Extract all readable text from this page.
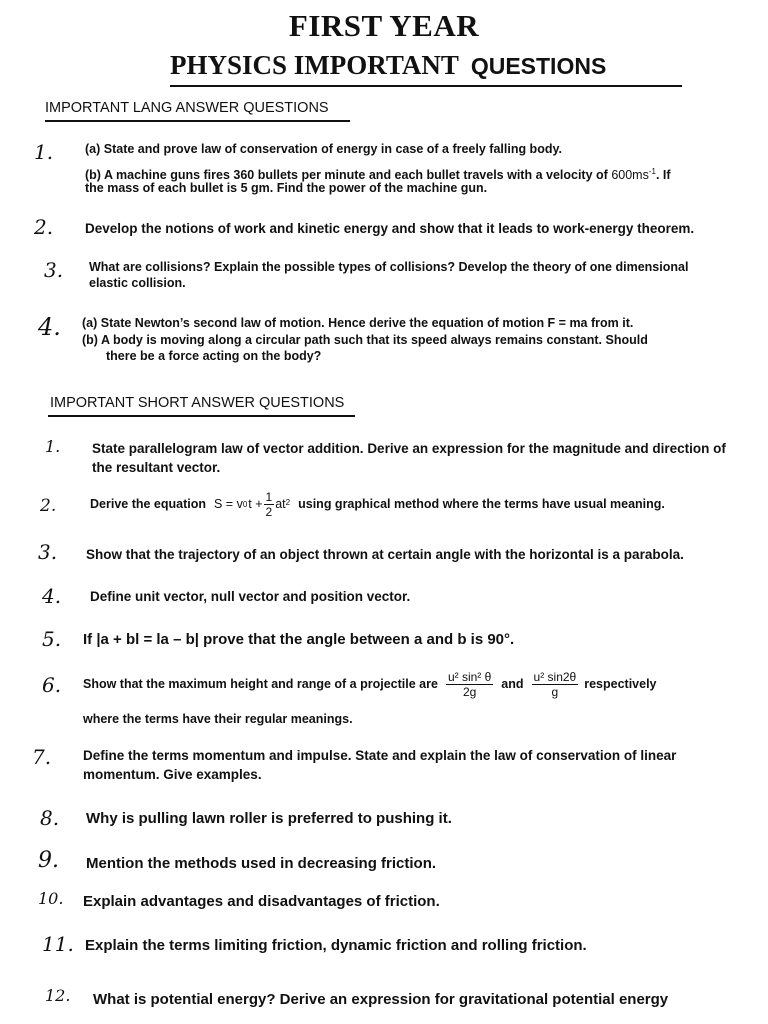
FIRST YEAR
PHYSICS IMPORTANT QUESTIONS
IMPORTANT LANG ANSWER QUESTIONS
1.	(a) State and prove law of conservation of energy in case of a freely falling body.
(b) A machine guns fires 360 bullets per minute and each bullet travels with a velocity of $600ms^{-1}$. If
the mass of each bullet is 5 gm. Find the power of the machine gun.
2. Develop the notions of work and kinetic energy and show that it leads to work-energy theorem.
3. What are collisions? Explain the possible types of collisions? Develop the theory of one dimensional
elastic collision.
4. (a) State Newton’s second law of motion. Hence derive the equation of motion F = ma from it.
(b) A body is moving along a circular path such that its speed always remains constant. Should
there be a force acting on the body?
IMPORTANT SHORT ANSWER QUESTIONS
1. State parallelogram law of vector addition. Derive an expression for the magnitude and direction of
the resultant vector.
2.	Derive the equation S = v 0 $t + \frac{1}{2}$ at 2 using graphical method where the terms have usual meaning.
3. Show that the trajectory of an object thrown at certain angle with the horizontal is a parabola.
4. Define unit vector, null vector and position vector.
5. If |a + bl = la – b| prove that the angle between a and b is 90°.
6. Show that the maximum height and range of a projectile are $\frac{\text{u² sin² θ}}{2g}$ and $\frac{\text{u² sin2θ}}{g}$ respectively
where the terms have their regular meanings.
7. Define the terms momentum and impulse. State and explain the law of conservation of linear
momentum. Give examples.
8. Why is pulling lawn roller is preferred to pushing it.
9. Mention the methods used in decreasing friction.
10. Explain advantages and disadvantages of friction.
11. Explain the terms limiting friction, dynamic friction and rolling friction.
12. What is potential energy? Derive an expression for gravitational potential energy
